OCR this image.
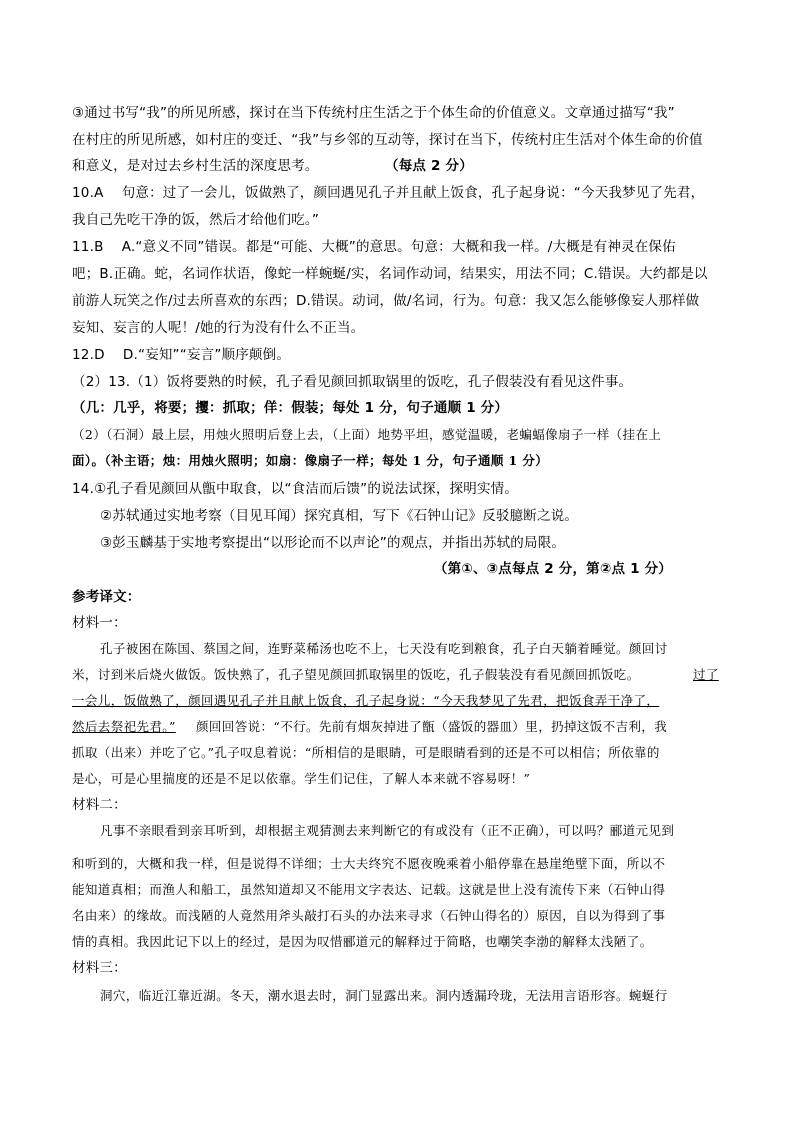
③通过书写“我”的所见所感，探讨在当下传统村庄生活之于个体生命的价值意义。文章通过描写“我”
在村庄的所见所感，如村庄的变迁、“我”与乡邻的互动等，探讨在当下，传统村庄生活对个体生命的价值
和意义，是对过去乡村生活的深度思考。	（每点 2 分）
10.A　 句意：过了一会儿，饭做熟了，颜回遇见孔子并且献上饭食，孔子起身说：“今天我梦见了先君，
我自己先吃干净的饭，然后才给他们吃。”
11.B　 A.“意义不同”错误。都是“可能、大概”的意思。句意：大概和我一样。/大概是有神灵在保佑
吧；B.正确。蛇，名词作状语，像蛇一样蜿蜒/实，名词作动词，结果实，用法不同；C.错误。大约都是以
前游人玩笑之作/过去所喜欢的东西；D.错误。动词，做/名词，行为。句意：我又怎么能够像妄人那样做
妄知、妄言的人呢！/她的行为没有什么不正当。
12.D　 D.“妄知”“妄言”顺序颠倒。
（2）13.（1）饭将要熟的时候，孔子看见颜回抓取锅里的饭吃，孔子假装没有看见这件事。
（几：几乎，将要；攫：抓取；佯：假装；每处 1 分，句子通顺 1 分）
（2）（石洞）最上层，用烛火照明后登上去，（上面）地势平坦，感觉温暖，老蝙蝠像扇子一样（挂在上
面）。（补主语；烛：用烛火照明；如扇：像扇子一样；每处 1 分，句子通顺 1 分）
14.①孔子看见颜回从甑中取食，以“食洁而后馈”的说法试探，探明实情。
②苏轼通过实地考察（目见耳闻）探究真相，写下《石钟山记》反驳臆断之说。
③彭玉麟基于实地考察提出“以形论而不以声论”的观点，并指出苏轼的局限。
（第①、③点每点 2 分，第②点 1 分）
参考译文：
材料一：
孔子被困在陈国、蔡国之间，连野菜稀汤也吃不上，七天没有吃到粮食，孔子白天躺着睡觉。颜回讨
米，讨到米后烧火做饭。饭快熟了，孔子望见颜回抓取锅里的饭吃，孔子假装没有看见颜回抓饭吃。	过了
一会儿，饭做熟了，颜回遇见孔子并且献上饭食，孔子起身说：“今天我梦见了先君，把饭食弄干净了，
然后去祭祀先君。” 颜回回答说：“不行。先前有烟灰掉进了甑（盛饭的器皿）里，扔掉这饭不吉利，我
抓取（出来）并吃了它。”孔子叹息着说：“所相信的是眼睛，可是眼睛看到的还是不可以相信；所依靠的
是心，可是心里揣度的还是不足以依靠。学生们记住，了解人本来就不容易呀！”
材料二：
凡事不亲眼看到亲耳听到，却根据主观猜测去来判断它的有或没有（正不正确），可以吗？郦道元见到
和听到的，大概和我一样，但是说得不详细；士大夫终究不愿夜晚乘着小船停靠在悬崖绝壁下面，所以不
能知道真相；而渔人和船工，虽然知道却又不能用文字表达、记载。这就是世上没有流传下来（石钟山得
名由来）的缘故。而浅陋的人竟然用斧头敲打石头的办法来寻求（石钟山得名的）原因，自以为得到了事
情的真相。我因此记下以上的经过，是因为叹惜郦道元的解释过于简略，也嘲笑李渤的解释太浅陋了。
材料三：
洞穴，临近江靠近湖。冬天，潮水退去时，洞门显露出来。洞内透漏玲珑，无法用言语形容。蜿蜒行
